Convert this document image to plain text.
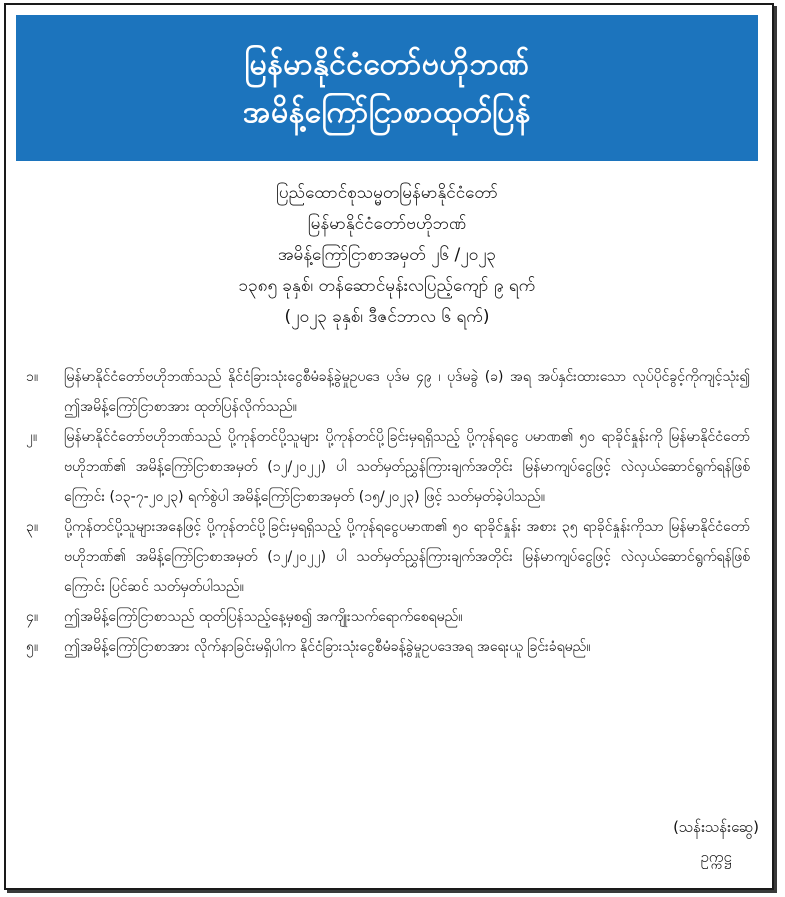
မြန်မာနိုင်ငံတော်ဗဟိုဘဏ်
အမိန့်ကြော်ငြာစာထုတ်ပြန်
ပြည်ထောင်စုသမ္မတမြန်မာနိုင်ငံတော်
မြန်မာနိုင်ငံတော်ဗဟိုဘဏ်
အမိန့်ကြော်ငြာစာအမှတ် ၂၆ /၂၀၂၃
၁၃၈၅ ခုနှစ်၊ တန်ဆောင်မုန်းလပြည့်ကျော် ၉ ရက်
(၂၀၂၃ ခုနှစ်၊ ဒီဇင်ဘာလ ၆ ရက်)
၁။	မြန်မာနိုင်ငံတော်ဗဟိုဘဏ်သည် နိုင်ငံခြားသုံးငွေစီမံခန့်ခွဲမှုဥပဒေ ပုဒ်မ ၄၉ ၊ ပုဒ်မခွဲ (ခ) အရ အပ်နှင်းထားသော လုပ်ပိုင်ခွင့်ကိုကျင့်သုံး၍ ဤအမိန့်ကြော်ငြာစာအား ထုတ်ပြန်လိုက်သည်။
၂။	မြန်မာနိုင်ငံတော်ဗဟိုဘဏ်သည် ပို့ကုန်တင်ပို့သူများ ပို့ကုန်တင်ပို့ခြင်းမှရရှိသည့် ပို့ကုန်ရငွေ ပမာဏ၏ ၅၀ ရာခိုင်နှုန်းကို မြန်မာနိုင်ငံတော်ဗဟိုဘဏ်၏ အမိန့်ကြော်ငြာစာအမှတ် (၁၂/၂၀၂၂) ပါ သတ်မှတ်ညွှန်ကြားချက်အတိုင်း မြန်မာကျပ်ငွေဖြင့် လဲလှယ်ဆောင်ရွက်ရန်ဖြစ်ကြောင်း (၁၃-၇-၂၀၂၃) ရက်စွဲပါ အမိန့်ကြော်ငြာစာအမှတ် (၁၅/၂၀၂၃) ဖြင့် သတ်မှတ်ခဲ့ပါသည်။
၃။	ပို့ကုန်တင်ပို့သူများအနေဖြင့် ပို့ကုန်တင်ပို့ခြင်းမှရရှိသည့် ပို့ကုန်ရငွေပမာဏ၏ ၅၀ ရာခိုင်နှုန်း အစား ၃၅ ရာခိုင်နှုန်းကိုသာ မြန်မာနိုင်ငံတော်ဗဟိုဘဏ်၏ အမိန့်ကြော်ငြာစာအမှတ် (၁၂/၂၀၂၂) ပါ သတ်မှတ်ညွှန်ကြားချက်အတိုင်း မြန်မာကျပ်ငွေဖြင့် လဲလှယ်ဆောင်ရွက်ရန်ဖြစ်ကြောင်း ပြင်ဆင် သတ်မှတ်ပါသည်။
၄။	ဤအမိန့်ကြော်ငြာစာသည် ထုတ်ပြန်သည့်နေ့မှစ၍ အကျိုးသက်ရောက်စေရမည်။
၅။	ဤအမိန့်ကြော်ငြာစာအား လိုက်နာခြင်းမရှိပါက နိုင်ငံခြားသုံးငွေစီမံခန့်ခွဲမှုဥပဒေအရ အရေးယူ ခြင်းခံရမည်။
(သန်းသန်းဆွေ)
ဥက္ကဋ္ဌ
